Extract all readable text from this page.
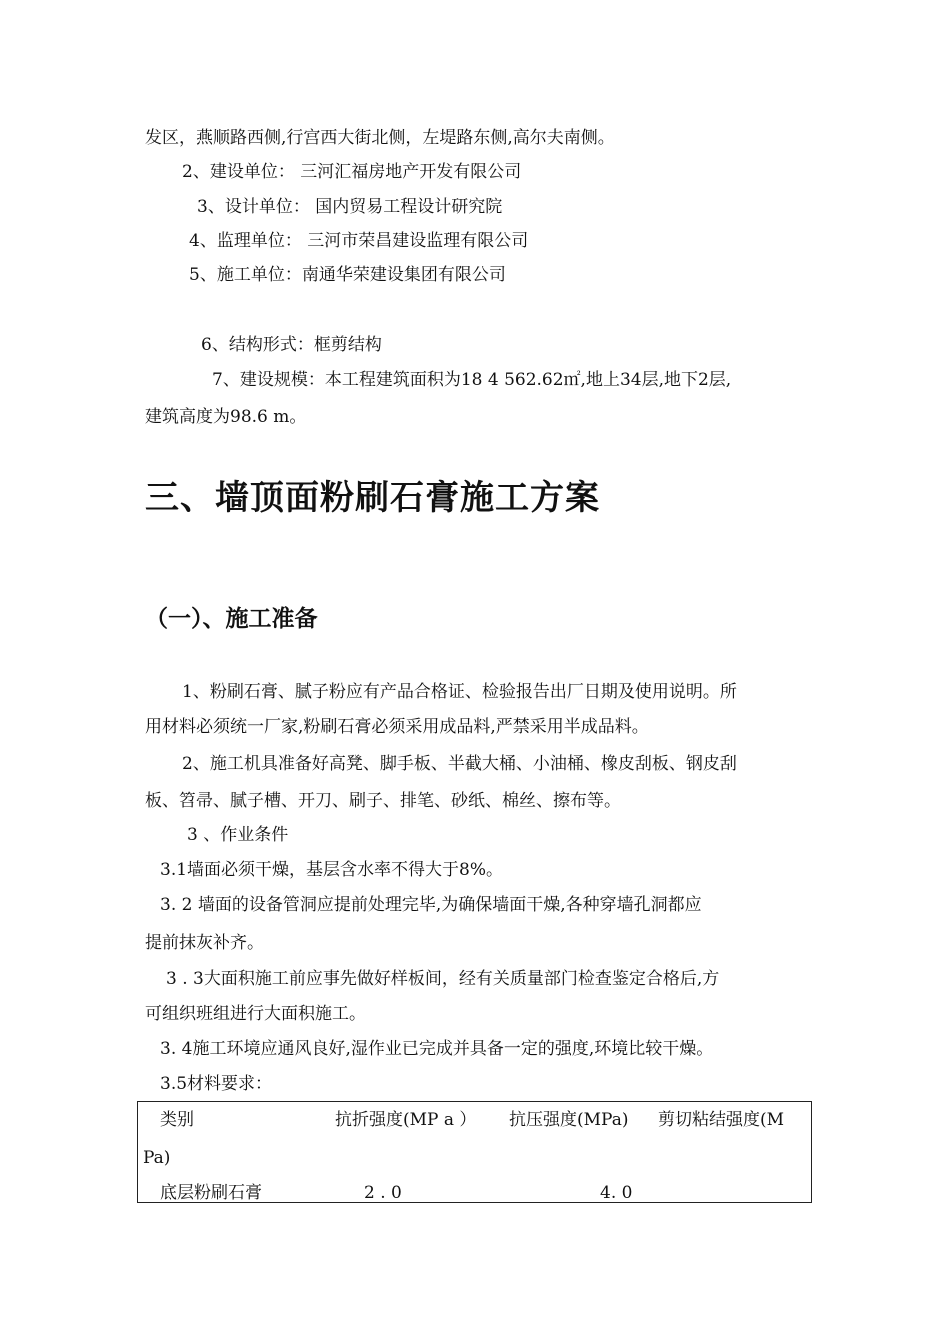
发区，燕顺路西侧,行宫西大街北侧，左堤路东侧,高尔夫南侧。
2、建设单位： 三河汇福房地产开发有限公司
3、设计单位： 国内贸易工程设计研究院
4、监理单位： 三河市荣昌建设监理有限公司
5、施工单位：南通华荣建设集团有限公司
6、结构形式：框剪结构
7、建设规模：本工程建筑面积为18 4 562.62㎡,地上34层,地下2层,
建筑高度为98.6 m。
三、墙顶面粉刷石膏施工方案
（一）、施工准备
1、粉刷石膏、腻子粉应有产品合格证、检验报告出厂日期及使用说明。所
用材料必须统一厂家,粉刷石膏必须采用成品料,严禁采用半成品料。
2、施工机具准备好高凳、脚手板、半截大桶、小油桶、橡皮刮板、钢皮刮
板、笤帚、腻子槽、开刀、刷子、排笔、砂纸、棉丝、擦布等。
3 、作业条件
3.1墙面必须干燥，基层含水率不得大于8%。
3. 2 墙面的设备管洞应提前处理完毕,为确保墙面干燥,各种穿墙孔洞都应
提前抹灰补齐。
3 . 3大面积施工前应事先做好样板间，经有关质量部门检查鉴定合格后,方
可组织班组进行大面积施工。
3. 4施工环境应通风良好,湿作业已完成并具备一定的强度,环境比较干燥。
3.5材料要求：
类别	抗折强度(MP a ） 抗压强度(MPa) 剪切粘结强度(M
Pa)
底层粉刷石膏	2 . 0	4. 0
